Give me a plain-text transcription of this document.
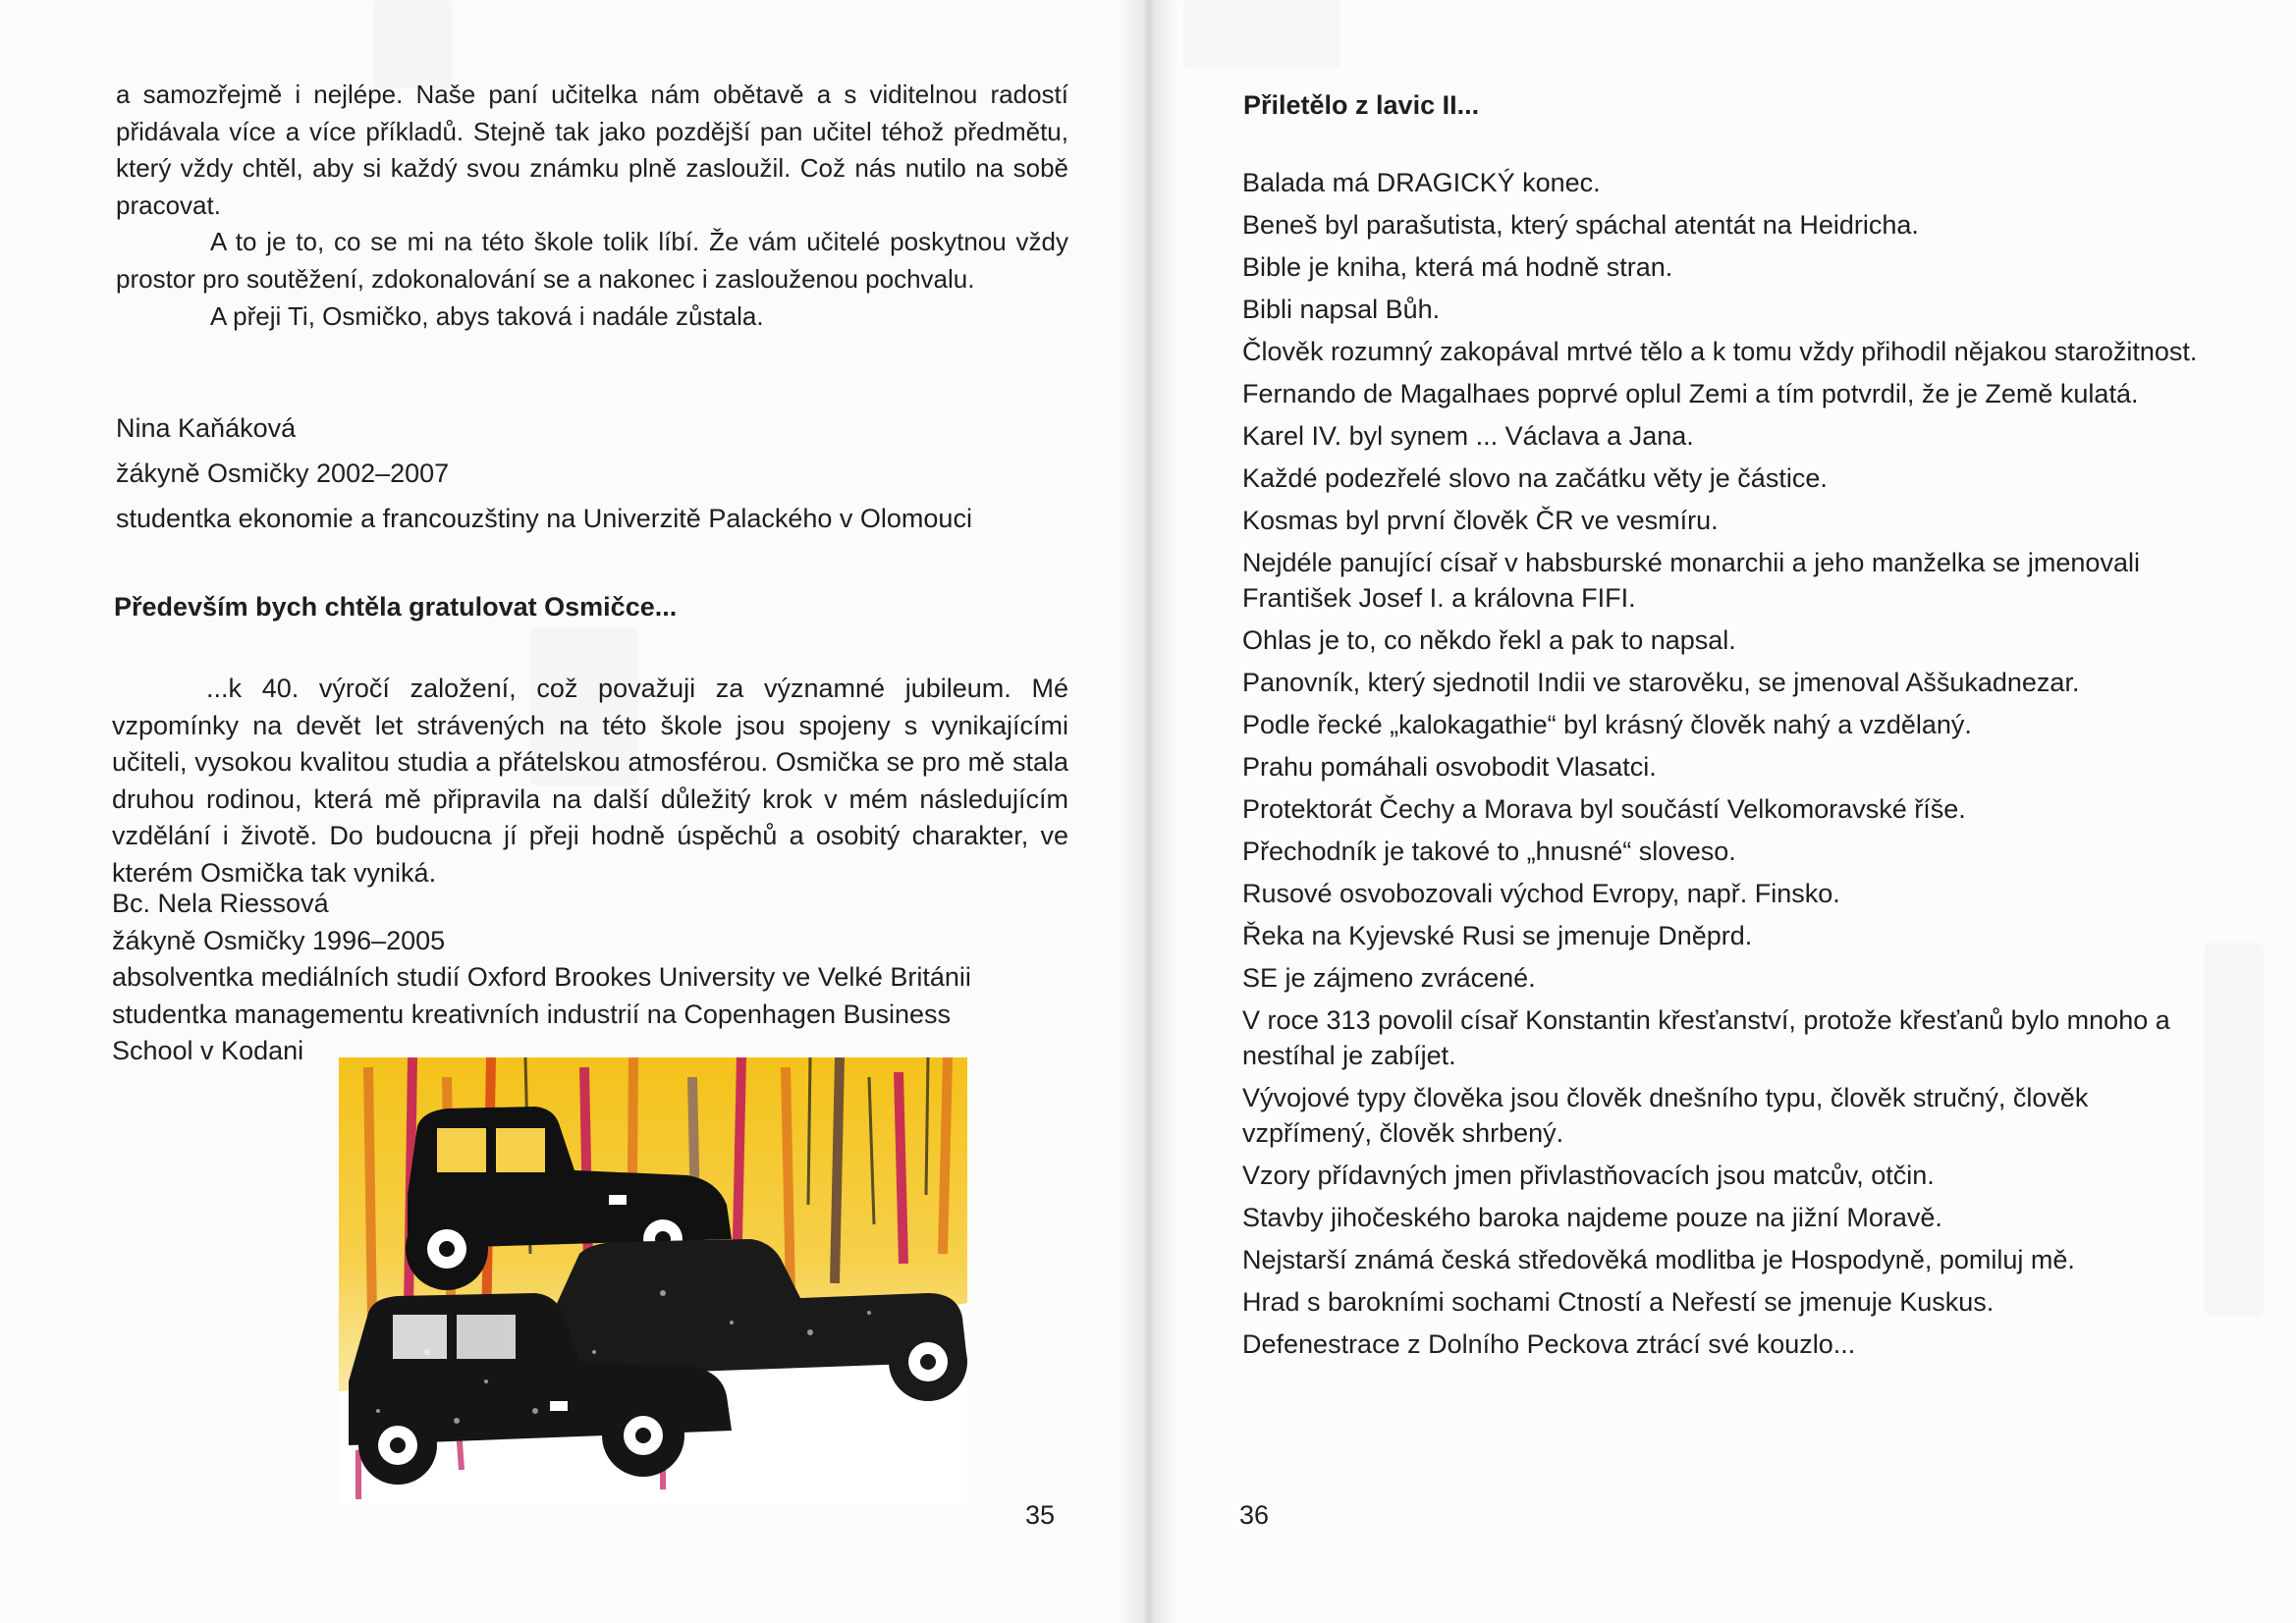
a samozřejmě i nejlépe. Naše paní učitelka nám obětavě a s viditelnou radostí přidávala více a více příkladů. Stejně tak jako pozdější pan učitel téhož předmětu, který vždy chtěl, aby si každý svou známku plně zasloužil. Což nás nutilo na sobě pracovat.

A to je to, co se mi na této škole tolik líbí. Že vám učitelé poskytnou vždy prostor pro soutěžení, zdokonalování se a nakonec i zaslouženou pochvalu.

A přeji Ti, Osmičko, abys taková i nadále zůstala.

Nina Kaňáková
žákyně Osmičky 2002–2007
studentka ekonomie a francouzštiny na Univerzitě Palackého v Olomouci
Především bych chtěla gratulovat Osmičce...

...k 40. výročí založení, což považuji za významné jubileum. Mé vzpomínky na devět let strávených na této škole jsou spojeny s vynikajícími učiteli, vysokou kvalitou studia a přátelskou atmosférou. Osmička se pro mě stala druhou rodinou, která mě připravila na další důležitý krok v mém následujícím vzdělání i životě. Do budoucna jí přeji hodně úspěchů a osobitý charakter, ve kterém Osmička tak vyniká.

Bc. Nela Riessová
žákyně Osmičky 1996–2005
absolventka mediálních studií Oxford Brookes University ve Velké Británii
studentka managementu kreativních industrií na Copenhagen Business
School v Kodani
35
Přiletělo z lavic II...
Balada má DRAGICKÝ konec.
Beneš byl parašutista, který spáchal atentát na Heidricha.
Bible je kniha, která má hodně stran.
Bibli napsal Bůh.
Člověk rozumný zakopával mrtvé tělo a k tomu vždy přihodil nějakou starožitnost.
Fernando de Magalhaes poprvé oplul Zemi a tím potvrdil, že je Země kulatá.
Karel IV. byl synem ... Václava a Jana.
Každé podezřelé slovo na začátku věty je částice.
Kosmas byl první člověk ČR ve vesmíru.
Nejdéle panující císař v habsburské monarchii a jeho manželka se jmenovali František Josef I. a královna FIFI.
Ohlas je to, co někdo řekl a pak to napsal.
Panovník, který sjednotil Indii ve starověku, se jmenoval Aššukadnezar.
Podle řecké „kalokagathie“ byl krásný člověk nahý a vzdělaný.
Prahu pomáhali osvobodit Vlasatci.
Protektorát Čechy a Morava byl součástí Velkomoravské říše.
Přechodník je takové to „hnusné“ sloveso.
Rusové osvobozovali východ Evropy, např. Finsko.
Řeka na Kyjevské Rusi se jmenuje Dněprd.
SE je zájmeno zvrácené.
V roce 313 povolil císař Konstantin křesťanství, protože křesťanů bylo mnoho a nestíhal je zabíjet.
Vývojové typy člověka jsou člověk dnešního typu, člověk stručný, člověk vzpřímený, člověk shrbený.
Vzory přídavných jmen přivlastňovacích jsou matcův, otčin.
Stavby jihočeského baroka najdeme pouze na jižní Moravě.
Nejstarší známá česká středověká modlitba je Hospodyně, pomiluj mě.
Hrad s barokními sochami Ctností a Neřestí se jmenuje Kuskus.
Defenestrace z Dolního Peckova ztrácí své kouzlo...
36
